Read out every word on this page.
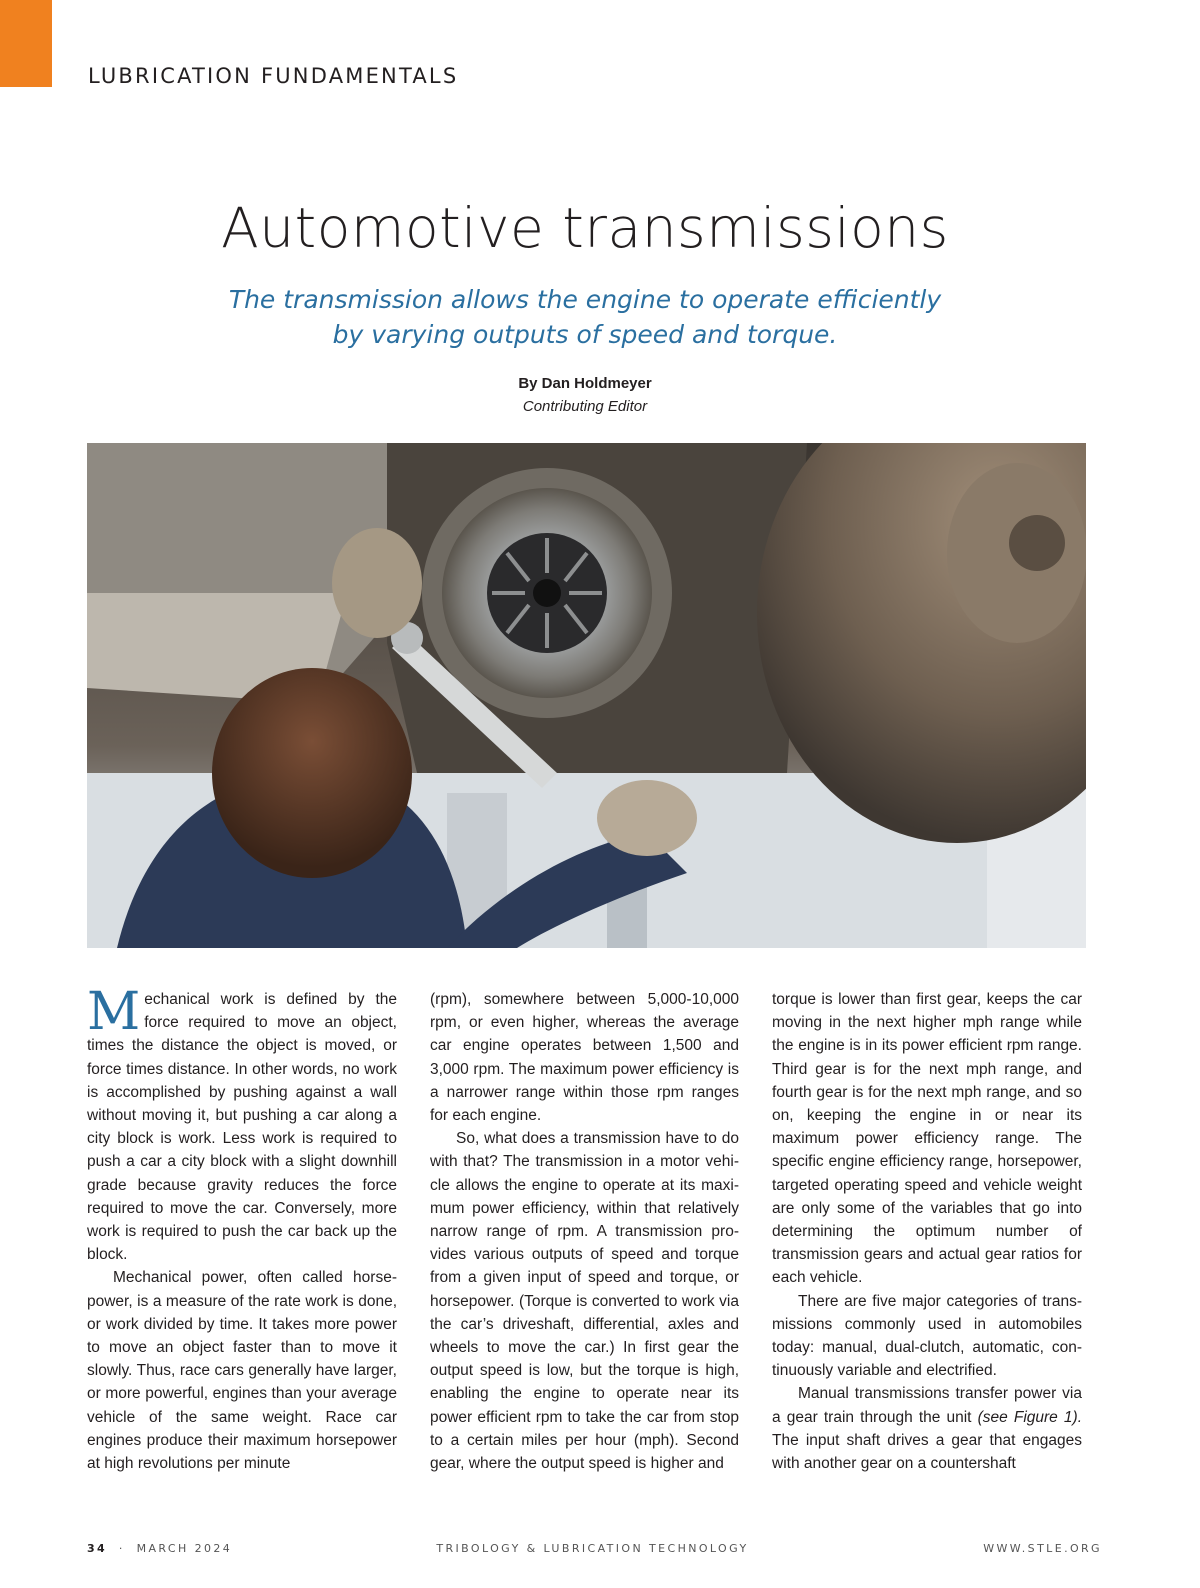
LUBRICATION FUNDAMENTALS
Automotive transmissions
The transmission allows the engine to operate efficiently
by varying outputs of speed and torque.
By Dan Holdmeyer
Contributing Editor

Mechanical work is defined by the force required to move an object, times the distance the object is moved, or force times distance. In other words, no work is accomplished by pushing against a wall without moving it, but pushing a car along a city block is work. Less work is required to push a car a city block with a slight downhill grade because gravity reduces the force required to move the car. Conversely, more work is required to push the car back up the block.

Mechanical power, often called horsepower, is a measure of the rate work is done, or work divided by time. It takes more power to move an object faster than to move it slowly. Thus, race cars generally have larger, or more powerful, engines than your average vehicle of the same weight. Race car engines produce their maximum horsepower at high revolutions per minute

(rpm), somewhere between 5,000-10,000 rpm, or even higher, whereas the average car engine operates between 1,500 and 3,000 rpm. The maximum power efficiency is a narrower range within those rpm ranges for each engine.

So, what does a transmission have to do with that? The transmission in a motor vehicle allows the engine to operate at its maximum power efficiency, within that relatively narrow range of rpm. A transmission provides various outputs of speed and torque from a given input of speed and torque, or horsepower. (Torque is converted to work via the car’s driveshaft, differential, axles and wheels to move the car.) In first gear the output speed is low, but the torque is high, enabling the engine to operate near its power efficient rpm to take the car from stop to a certain miles per hour (mph). Second gear, where the output speed is higher and

torque is lower than first gear, keeps the car moving in the next higher mph range while the engine is in its power efficient rpm range. Third gear is for the next mph range, and fourth gear is for the next mph range, and so on, keeping the engine in or near its maximum power efficiency range. The specific engine efficiency range, horsepower, targeted operating speed and vehicle weight are only some of the variables that go into determining the optimum number of transmission gears and actual gear ratios for each vehicle.

There are five major categories of transmissions commonly used in automobiles today: manual, dual-clutch, automatic, continuously variable and electrified.

Manual transmissions transfer power via a gear train through the unit (see Figure 1). The input shaft drives a gear that engages with another gear on a countershaft

34 · MARCH 2024	TRIBOLOGY & LUBRICATION TECHNOLOGY	WWW.STLE.ORG
